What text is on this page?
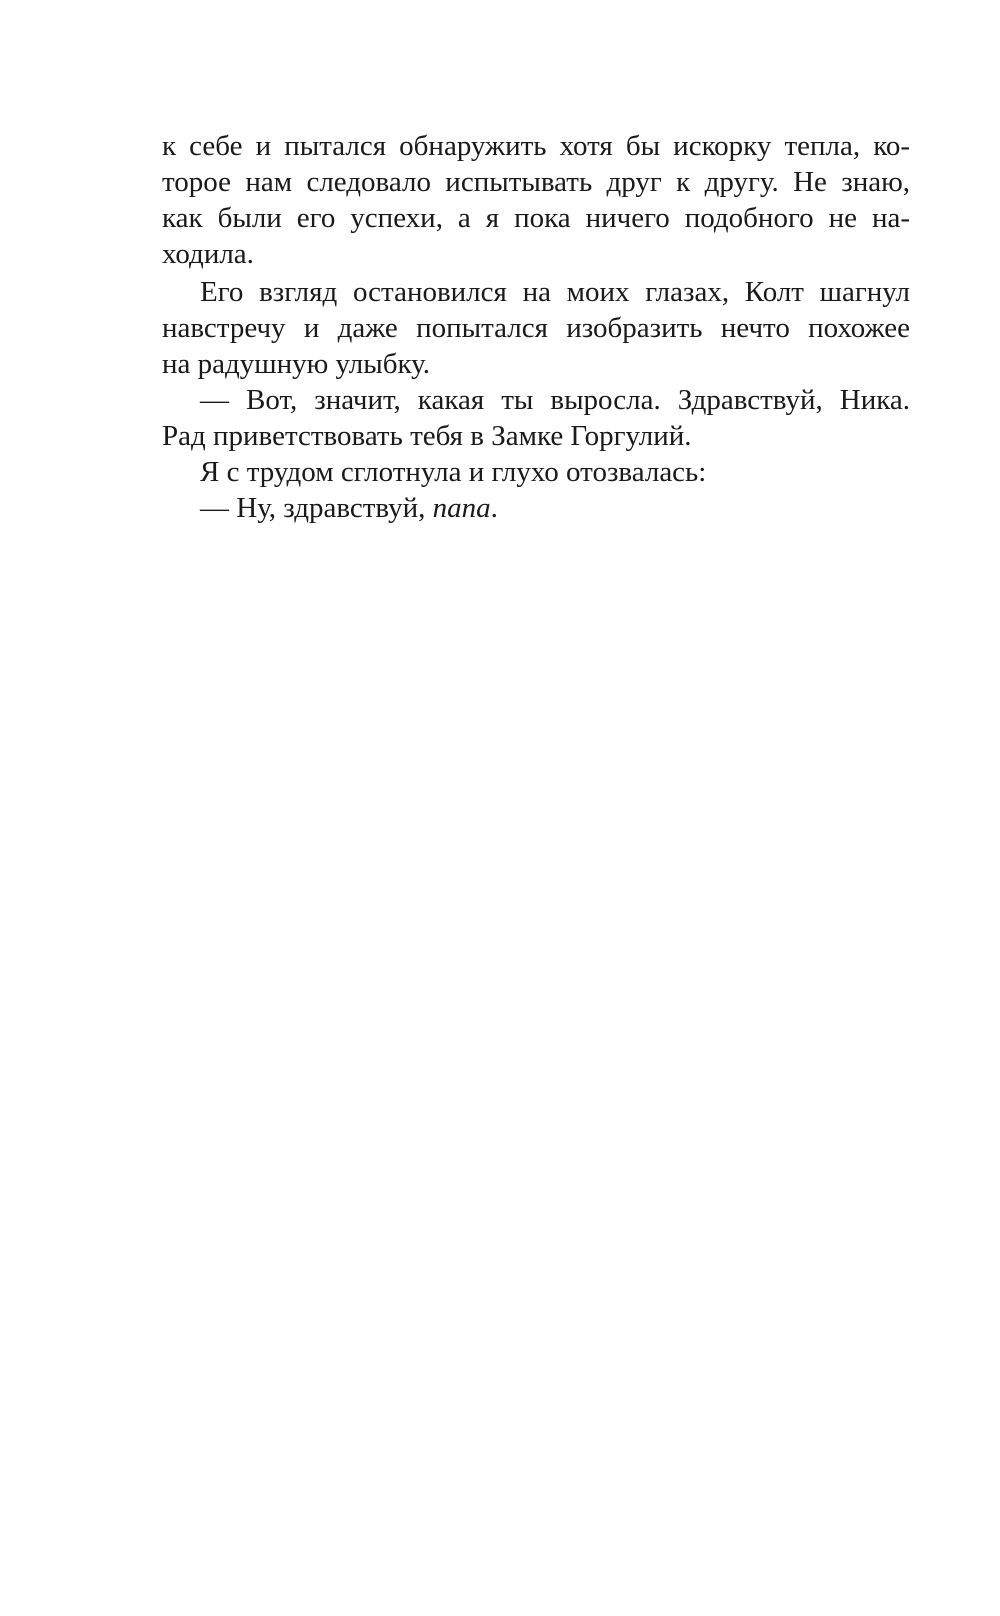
к себе и пытался обнаружить хотя бы искорку тепла, ко-
торое нам следовало испытывать друг к другу. Не знаю,
как были его успехи, а я пока ничего подобного не на-
ходила.
Его взгляд остановился на моих глазах, Колт шагнул
навстречу и даже попытался изобразить нечто похожее
на радушную улыбку.
— Вот, значит, какая ты выросла. Здравствуй, Ника.
Рад приветствовать тебя в Замке Горгулий.
Я с трудом сглотнула и глухо отозвалась:
— Ну, здравствуй, папа.
